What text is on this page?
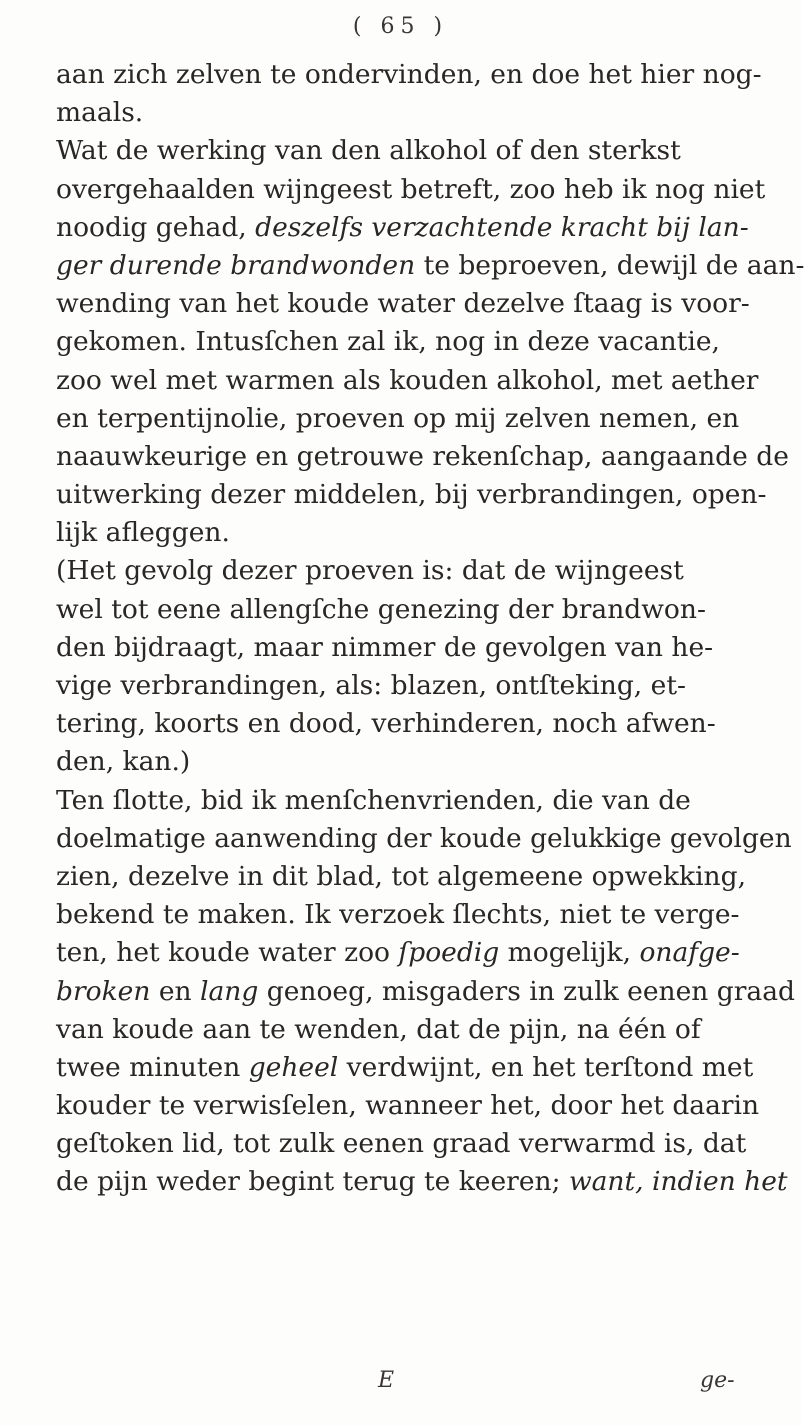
( 65 )
aan zich zelven te ondervinden, en doe het hier nog-
maals.
Wat de werking van den alkohol of den sterkst
overgehaalden wijngeest betreft, zoo heb ik nog niet
noodig gehad, deszelfs verzachtende kracht bij lan-
ger durende brandwonden te beproeven, dewijl de aan-
wending van het koude water dezelve ſtaag is voor-
gekomen. Intusſchen zal ik, nog in deze vacantie,
zoo wel met warmen als kouden alkohol, met aether
en terpentijnolie, proeven op mij zelven nemen, en
naauwkeurige en getrouwe rekenſchap, aangaande de
uitwerking dezer middelen, bij verbrandingen, open-
lijk afleggen.
(Het gevolg dezer proeven is: dat de wijngeest
wel tot eene allengſche genezing der brandwon-
den bijdraagt, maar nimmer de gevolgen van he-
vige verbrandingen, als: blazen, ontſteking, et-
tering, koorts en dood, verhinderen, noch afwen-
den, kan.)
Ten ſlotte, bid ik menſchenvrienden, die van de
doelmatige aanwending der koude gelukkige gevolgen
zien, dezelve in dit blad, tot algemeene opwekking,
bekend te maken. Ik verzoek ſlechts, niet te verge-
ten, het koude water zoo ſpoedig mogelijk, onafge-
broken en lang genoeg, misgaders in zulk eenen graad
van koude aan te wenden, dat de pijn, na één of
twee minuten geheel verdwijnt, en het terſtond met
kouder te verwisſelen, wanneer het, door het daarin
geſtoken lid, tot zulk eenen graad verwarmd is, dat
de pijn weder begint terug te keeren; want, indien het
E	ge-
